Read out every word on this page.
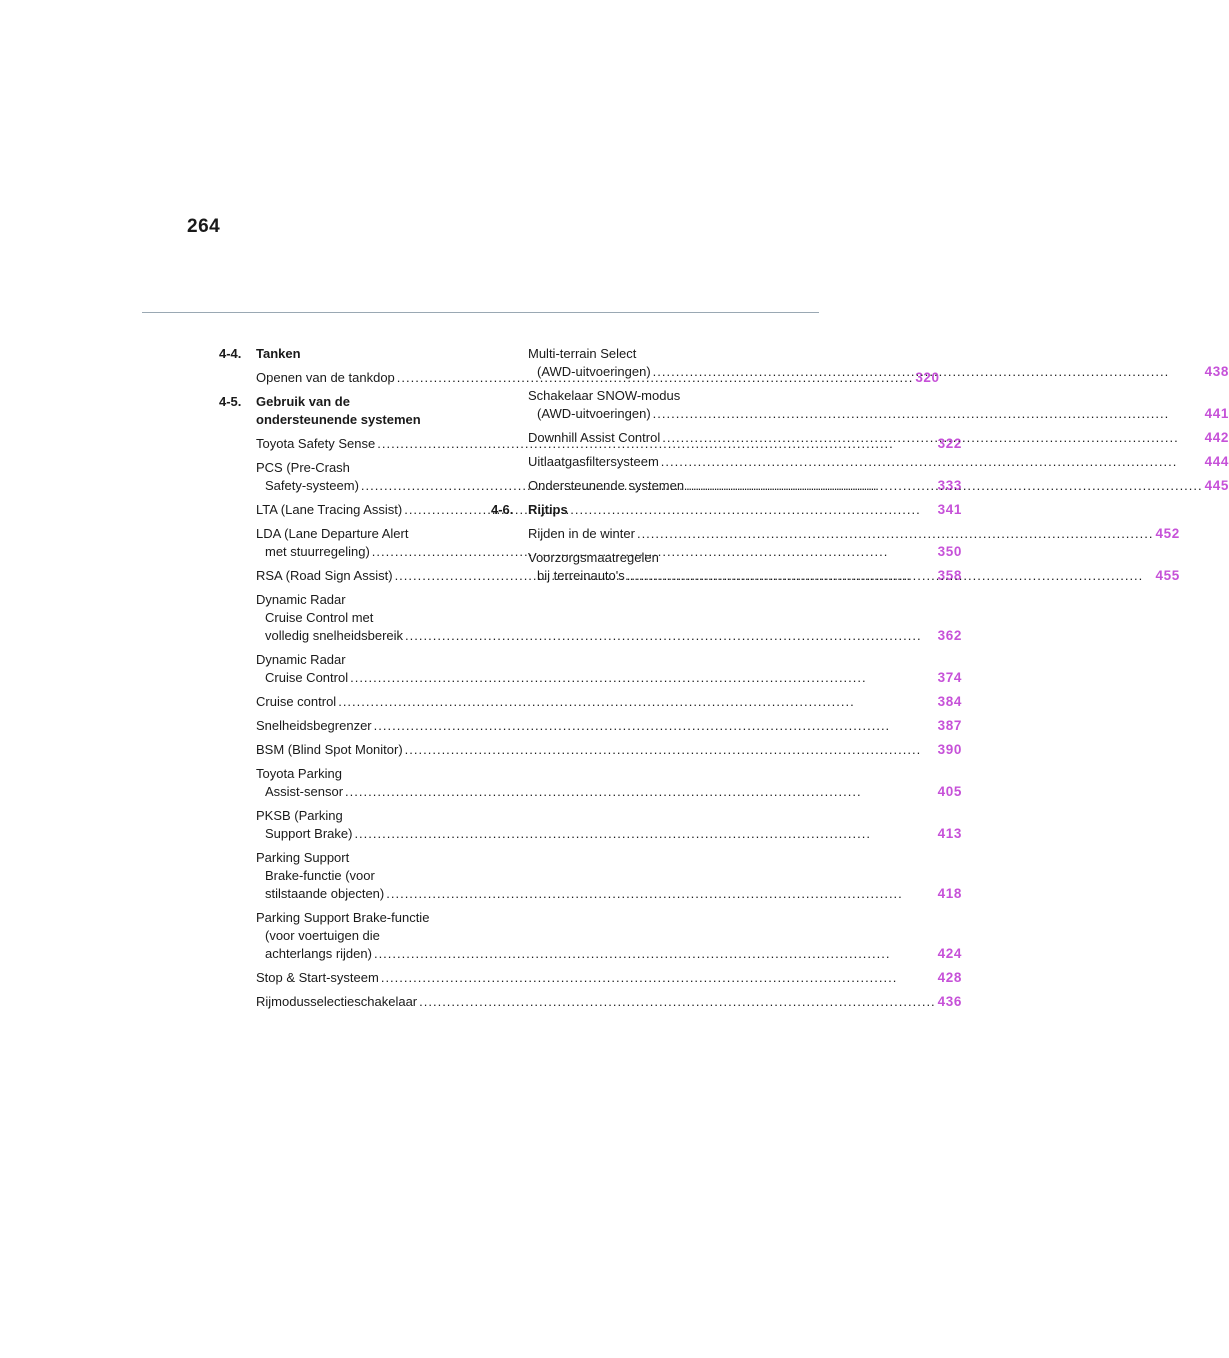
264
4-4.	Tanken
Openen van de tankdop .....	320
4-5.	Gebruik van de
ondersteunende systemen
Toyota Safety Sense .....	322
PCS (Pre-Crash
Safety-systeem) .....	333
LTA (Lane Tracing Assist) .....	341
LDA (Lane Departure Alert
met stuurregeling) .....	350
RSA (Road Sign Assist) .....	358
Dynamic Radar
Cruise Control met
volledig snelheidsbereik .....	362
Dynamic Radar
Cruise Control .....	374
Cruise control .....	384
Snelheidsbegrenzer .....	387
BSM (Blind Spot Monitor) .....	390
Toyota Parking
Assist-sensor .....	405
PKSB (Parking
Support Brake) .....	413
Parking Support
Brake-functie (voor
stilstaande objecten) .....	418
Parking Support Brake-functie
(voor voertuigen die
achterlangs rijden) .....	424
Stop & Start-systeem .....	428
Rijmodusselectieschakelaar .....	436
Multi-terrain Select
(AWD-uitvoeringen) .....	438
Schakelaar SNOW-modus
(AWD-uitvoeringen) .....	441
Downhill Assist Control .....	442
Uitlaatgasfiltersysteem .....	444
Ondersteunende systemen .....	445
4-6.	Rijtips
Rijden in de winter .....	452
Voorzorgsmaatregelen
bij terreinauto's .....	455
